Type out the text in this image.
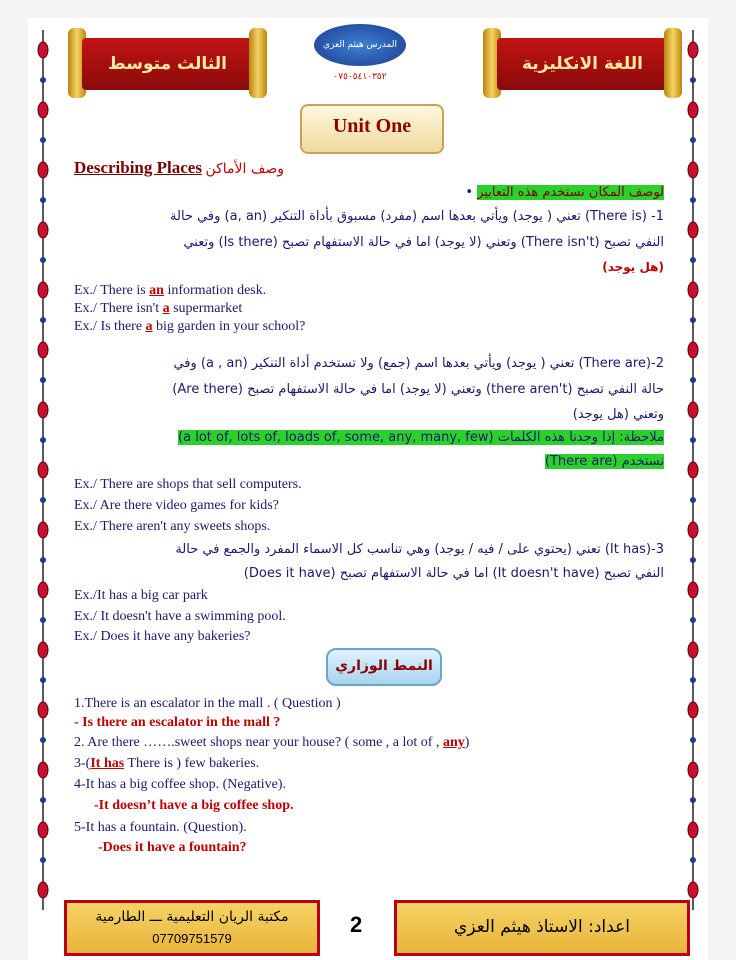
الثالث متوسط	اللغة الانكليزية
المدرس هيثم العزي
٠٧٥٠٥٤١٠٣٥٢
Unit One
Describing Places وصف الأماكن
لوصف المكان نستخدم هذه التعابير •
1- (There is) تعني ( يوجد) ويأتي بعدها اسم (مفرد) مسبوق بأداة التنكير (a, an) وفي حالة
النفي تصبح (There isn't) وتعني (لا يوجد) اما في حالة الاستفهام تصبح (Is there) وتعني
(هل يوجد)
Ex./ There is an information desk.
Ex./ There isn't a supermarket
Ex./ Is there a big garden in your school?
2-(There are) تعني ( يوجد) ويأتي بعدها اسم (جمع) ولا تستخدم أداة التنكير (a , an) وفي
حالة النفي تصبح (there aren't) وتعني (لا يوجد) اما في حالة الاستفهام تصبح (Are there)
وتعني (هل يوجد)
ملاحظة: إذا وجدنا هذه الكلمات (a lot of, lots of, loads of, some, any, many, few)
نستخدم (There are)
Ex./ There are shops that sell computers.
Ex./ Are there video games for kids?
Ex./ There aren't any sweets shops.
3-(It has) تعني (يحتوي على / فيه / يوجد) وهي تناسب كل الاسماء المفرد والجمع في حالة
النفي تصبح (It doesn't have) اما في حالة الاستفهام تصبح (Does it have)
Ex./It has a big car park
Ex./ It doesn't have a swimming pool.
Ex./ Does it have any bakeries?
النمط الوزاري
1.There is an escalator in the mall . ( Question )
- Is there an escalator in the mall ?
2. Are there …….sweet shops near your house? ( some , a lot of , any)
3-(It has There is ) few bakeries.
4-It has a big coffee shop. (Negative).
-It doesn’t have a big coffee shop.
5-It has a fountain. (Question).
-Does it have a fountain?
مكتبة الريان التعليمية ـــ الطارمية
07709751579
2	اعداد: الاستاذ هيثم العزي
